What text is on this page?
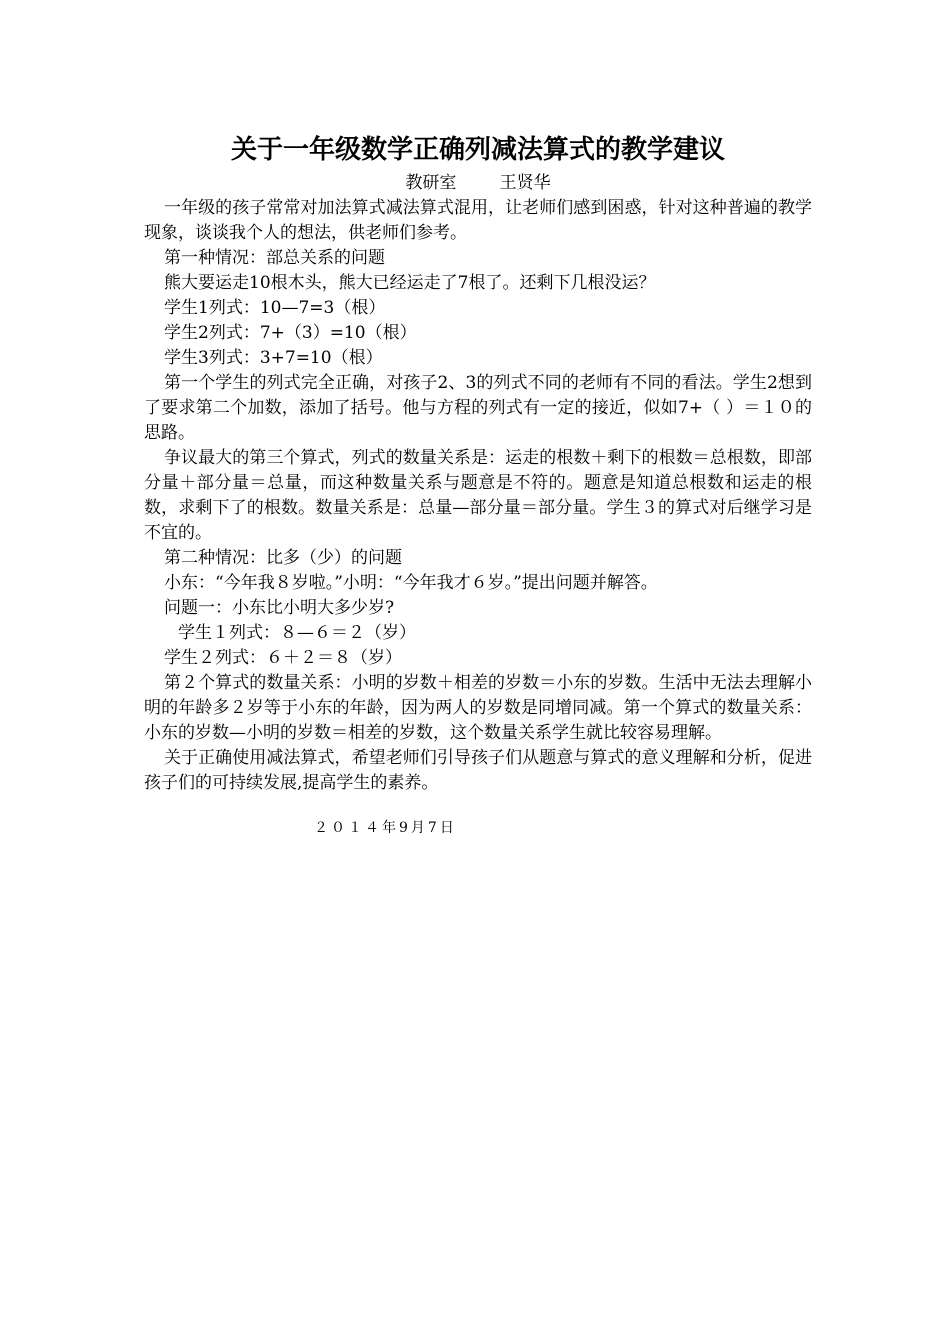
关于一年级数学正确列减法算式的教学建议

教研室        王贤华

一年级的孩子常常对加法算式减法算式混用，让老师们感到困惑，针对这种普遍的教学现象，谈谈我个人的想法，供老师们参考。

第一种情况：部总关系的问题

熊大要运走10根木头，熊大已经运走了7根了。还剩下几根没运？

学生1列式：10—7=3（根）

学生2列式：7+（3）=10（根）

学生3列式：3+7=10（根）

第一个学生的列式完全正确，对孩子2、3的列式不同的老师有不同的看法。学生2想到了要求第二个加数，添加了括号。他与方程的列式有一定的接近，似如7+（ ）＝１０的思路。

争议最大的第三个算式，列式的数量关系是：运走的根数＋剩下的根数＝总根数，即部分量＋部分量＝总量，而这种数量关系与题意是不符的。题意是知道总根数和运走的根数，求剩下了的根数。数量关系是：总量—部分量＝部分量。学生３的算式对后继学习是不宜的。

第二种情况：比多（少）的问题

小东：“今年我８岁啦。”小明：“今年我才６岁。”提出问题并解答。

问题一：小东比小明大多少岁?

学生１列式：８—６＝２（岁）

学生２列式：６＋２＝８（岁）

第２个算式的数量关系：小明的岁数＋相差的岁数＝小东的岁数。生活中无法去理解小明的年龄多２岁等于小东的年龄，因为两人的岁数是同增同减。第一个算式的数量关系：小东的岁数—小明的岁数＝相差的岁数，这个数量关系学生就比较容易理解。

关于正确使用减法算式，希望老师们引导孩子们从题意与算式的意义理解和分析，促进孩子们的可持续发展,提高学生的素养。

２０１４年9月7日
